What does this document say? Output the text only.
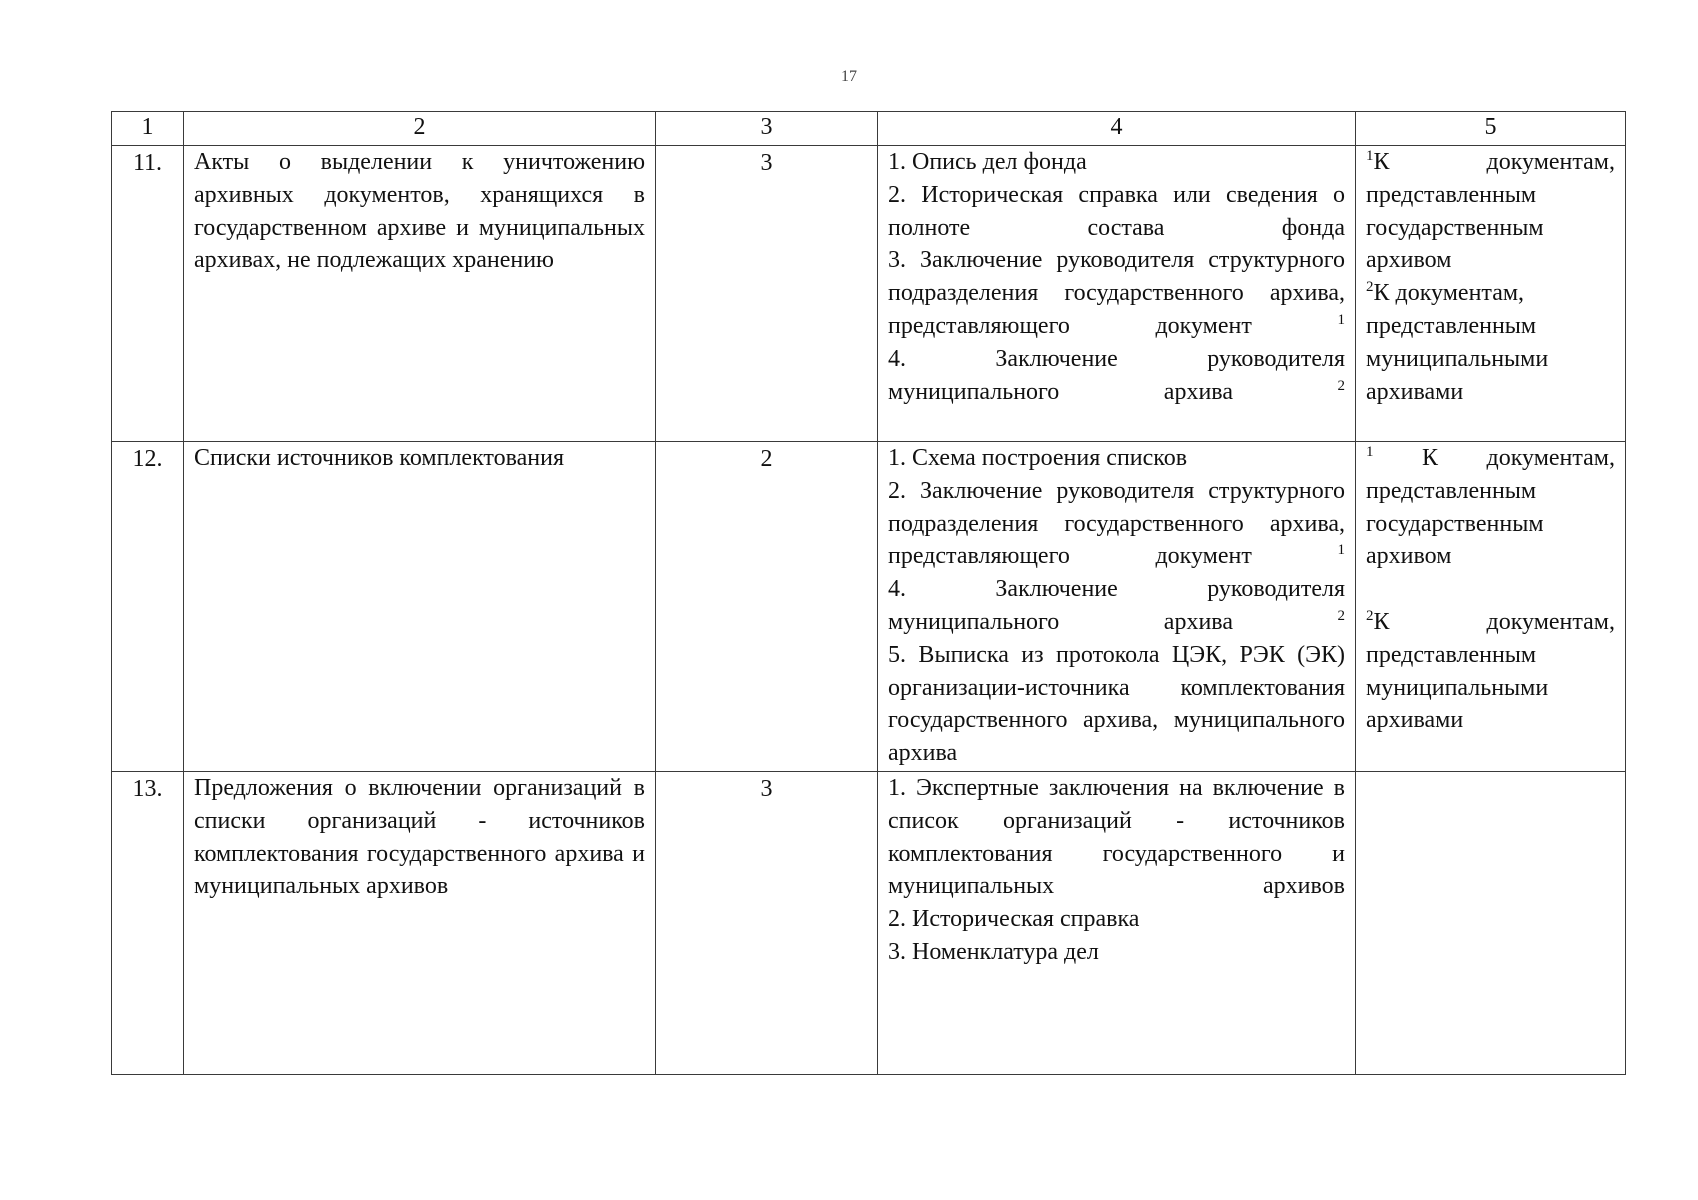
17
1	2	3	4	5
11.	Акты о выделении к уничтожению архивных документов, хранящихся в государственном архиве и муниципальных архивах, не подлежащих хранению	3	1. Опись дел фонда
2. Историческая справка или сведения о полноте состава фонда
3. Заключение руководителя структурного подразделения государственного архива, представляющего документ $^1$
4. Заключение руководителя муниципального архива $^2$	$^1$К документам, представленным государственным архивом
$^2$К документам, представленным муниципальными архивами

12.	Списки источников комплектования	2	1. Схема построения списков
2. Заключение руководителя структурного подразделения государственного архива, представляющего документ $^1$
4. Заключение руководителя муниципального архива $^2$
5. Выписка из протокола ЦЭК, РЭК (ЭК) организации-источника комплектования государственного архива, муниципального архива	$^1$ К документам, представленным государственным архивом
$^2$К документам, представленным муниципальными архивами

13.	Предложения о включении организаций в списки организаций - источников комплектования государственного архива и муниципальных архивов	3	1. Экспертные заключения на включение в список организаций - источников комплектования государственного и муниципальных архивов
2. Историческая справка
3. Номенклатура дел	
